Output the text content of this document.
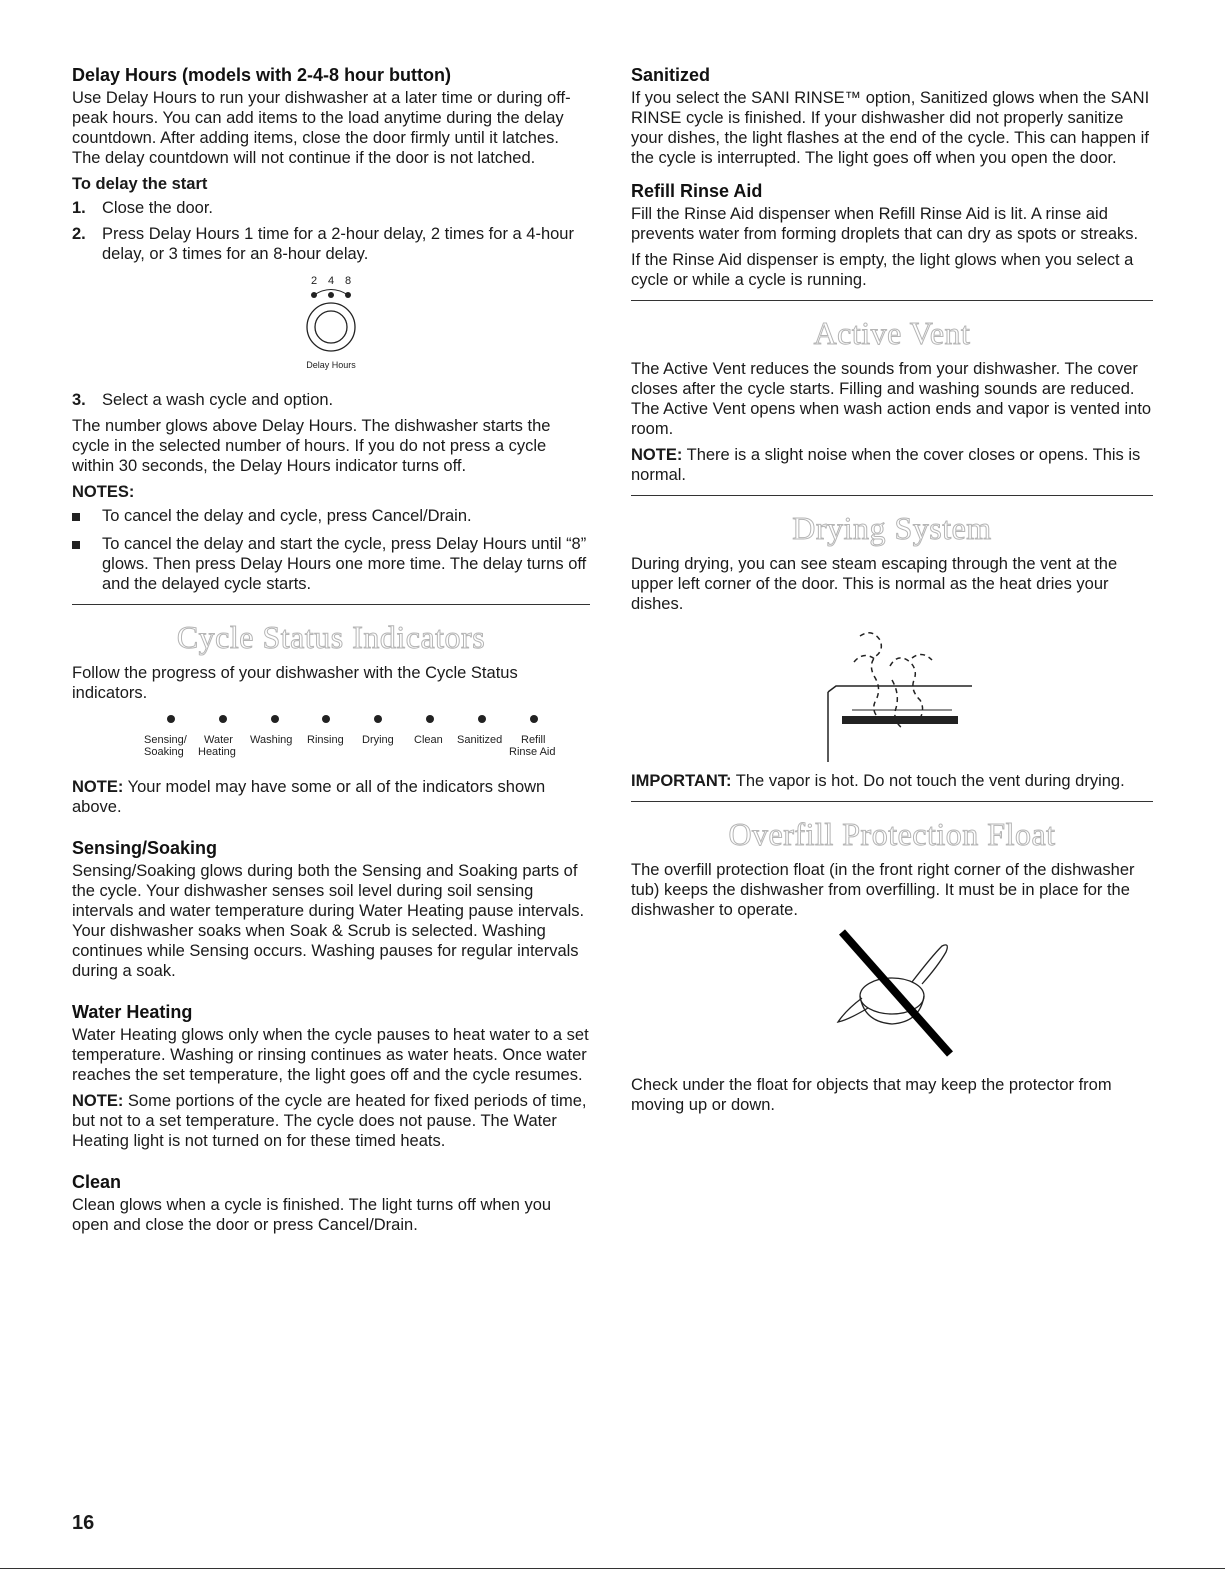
Delay Hours (models with 2-4-8 hour button)

Use Delay Hours to run your dishwasher at a later time or during off-peak hours. You can add items to the load anytime during the delay countdown. After adding items, close the door firmly until it latches. The delay countdown will not continue if the door is not latched.

To delay the start
1. Close the door.
2. Press Delay Hours 1 time for a 2-hour delay, 2 times for a 4-hour delay, or 3 times for an 8-hour delay.
2 4 8
Delay Hours
3. Select a wash cycle and option.

The number glows above Delay Hours. The dishwasher starts the cycle in the selected number of hours. If you do not press a cycle within 30 seconds, the Delay Hours indicator turns off.

NOTES:
To cancel the delay and cycle, press Cancel/Drain.
To cancel the delay and start the cycle, press Delay Hours until “8” glows. Then press Delay Hours one more time. The delay turns off and the delayed cycle starts.
Cycle Status Indicators

Follow the progress of your dishwasher with the Cycle Status indicators.

Sensing/
Soaking
Water
Heating
Washing Rinsing Drying Clean Sanitized Refill
Rinse Aid

NOTE: Your model may have some or all of the indicators shown above.

Sensing/Soaking

Sensing/Soaking glows during both the Sensing and Soaking parts of the cycle. Your dishwasher senses soil level during soil sensing intervals and water temperature during Water Heating pause intervals. Your dishwasher soaks when Soak & Scrub is selected. Washing continues while Sensing occurs. Washing pauses for regular intervals during a soak.

Water Heating

Water Heating glows only when the cycle pauses to heat water to a set temperature. Washing or rinsing continues as water heats. Once water reaches the set temperature, the light goes off and the cycle resumes.

NOTE: Some portions of the cycle are heated for fixed periods of time, but not to a set temperature. The cycle does not pause. The Water Heating light is not turned on for these timed heats.

Clean

Clean glows when a cycle is finished. The light turns off when you open and close the door or press Cancel/Drain.

Sanitized

If you select the SANI RINSE™ option, Sanitized glows when the SANI RINSE cycle is finished. If your dishwasher did not properly sanitize your dishes, the light flashes at the end of the cycle. This can happen if the cycle is interrupted. The light goes off when you open the door.

Refill Rinse Aid

Fill the Rinse Aid dispenser when Refill Rinse Aid is lit. A rinse aid prevents water from forming droplets that can dry as spots or streaks.

If the Rinse Aid dispenser is empty, the light glows when you select a cycle or while a cycle is running.

Active Vent

The Active Vent reduces the sounds from your dishwasher. The cover closes after the cycle starts. Filling and washing sounds are reduced. The Active Vent opens when wash action ends and vapor is vented into room.

NOTE: There is a slight noise when the cover closes or opens. This is normal.

Drying System

During drying, you can see steam escaping through the vent at the upper left corner of the door. This is normal as the heat dries your dishes.

IMPORTANT: The vapor is hot. Do not touch the vent during drying.

Overfill Protection Float

The overfill protection float (in the front right corner of the dishwasher tub) keeps the dishwasher from overfilling. It must be in place for the dishwasher to operate.

Check under the float for objects that may keep the protector from moving up or down.

16
